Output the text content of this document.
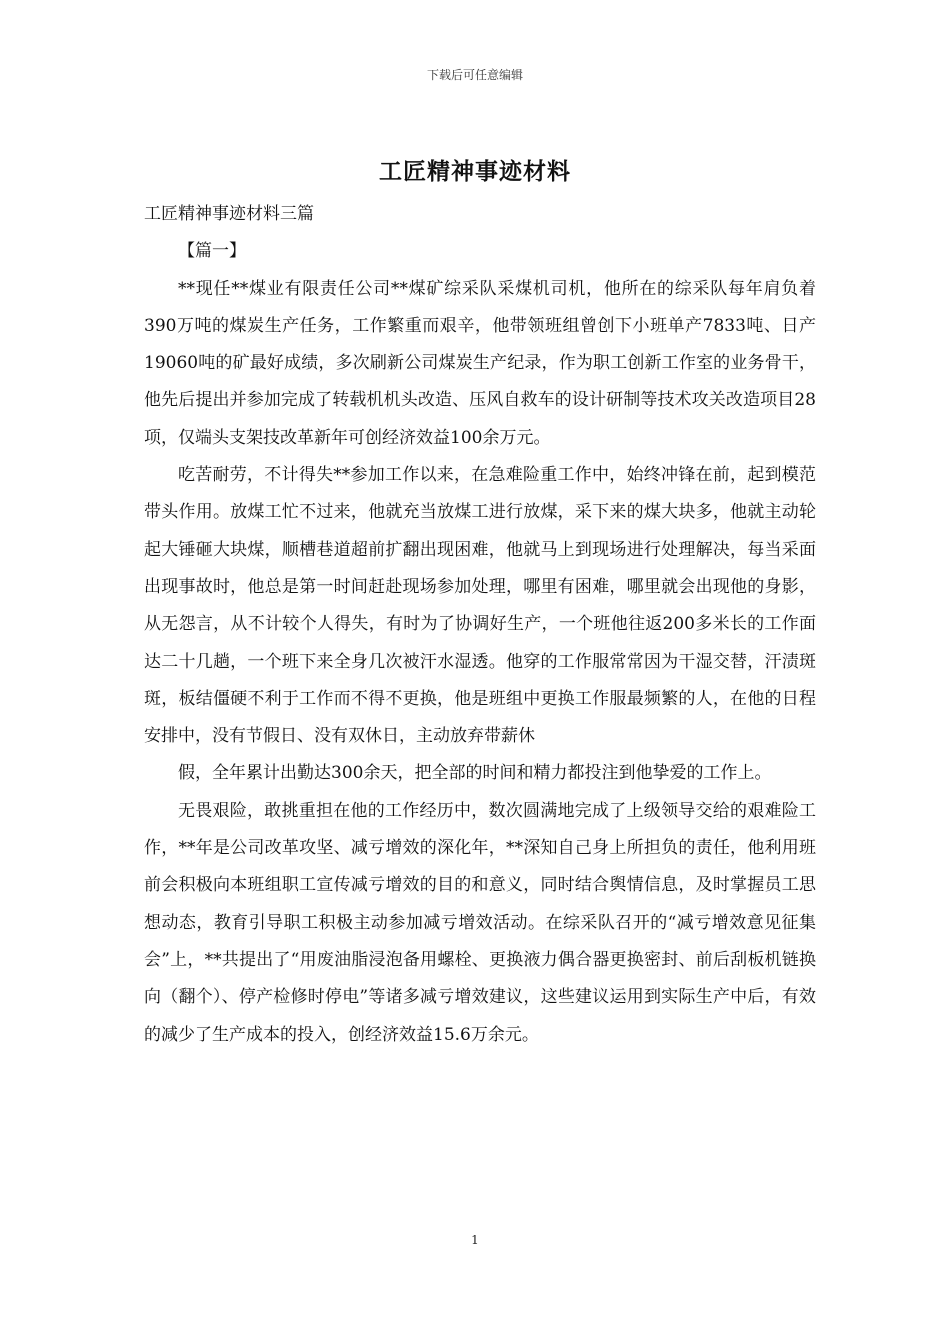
下载后可任意编辑
工匠精神事迹材料

工匠精神事迹材料三篇

【篇一】

**现任**煤业有限责任公司**煤矿综采队采煤机司机，他所在的综采队每年肩负着390万吨的煤炭生产任务，工作繁重而艰辛，他带领班组曾创下小班单产7833吨、日产19060吨的矿最好成绩，多次刷新公司煤炭生产纪录，作为职工创新工作室的业务骨干，他先后提出并参加完成了转载机机头改造、压风自救车的设计研制等技术攻关改造项目28项，仅端头支架技改革新年可创经济效益100余万元。

吃苦耐劳，不计得失**参加工作以来，在急难险重工作中，始终冲锋在前，起到模范带头作用。放煤工忙不过来，他就充当放煤工进行放煤，采下来的煤大块多，他就主动轮起大锤砸大块煤，顺槽巷道超前扩翻出现困难，他就马上到现场进行处理解决，每当采面出现事故时，他总是第一时间赶赴现场参加处理，哪里有困难，哪里就会出现他的身影，从无怨言，从不计较个人得失，有时为了协调好生产，一个班他往返200多米长的工作面达二十几趟，一个班下来全身几次被汗水湿透。他穿的工作服常常因为干湿交替，汗渍斑斑，板结僵硬不利于工作而不得不更换，他是班组中更换工作服最频繁的人，在他的日程安排中，没有节假日、没有双休日，主动放弃带薪休

假，全年累计出勤达300余天，把全部的时间和精力都投注到他挚爱的工作上。

无畏艰险，敢挑重担在他的工作经历中，数次圆满地完成了上级领导交给的艰难险工作，**年是公司改革攻坚、减亏增效的深化年，**深知自己身上所担负的责任，他利用班前会积极向本班组职工宣传减亏增效的目的和意义，同时结合舆情信息，及时掌握员工思想动态，教育引导职工积极主动参加减亏增效活动。在综采队召开的“减亏增效意见征集会”上，**共提出了“用废油脂浸泡备用螺栓、更换液力偶合器更换密封、前后刮板机链换向（翻个）、停产检修时停电”等诸多减亏增效建议，这些建议运用到实际生产中后，有效的减少了生产成本的投入，创经济效益15.6万余元。

1
